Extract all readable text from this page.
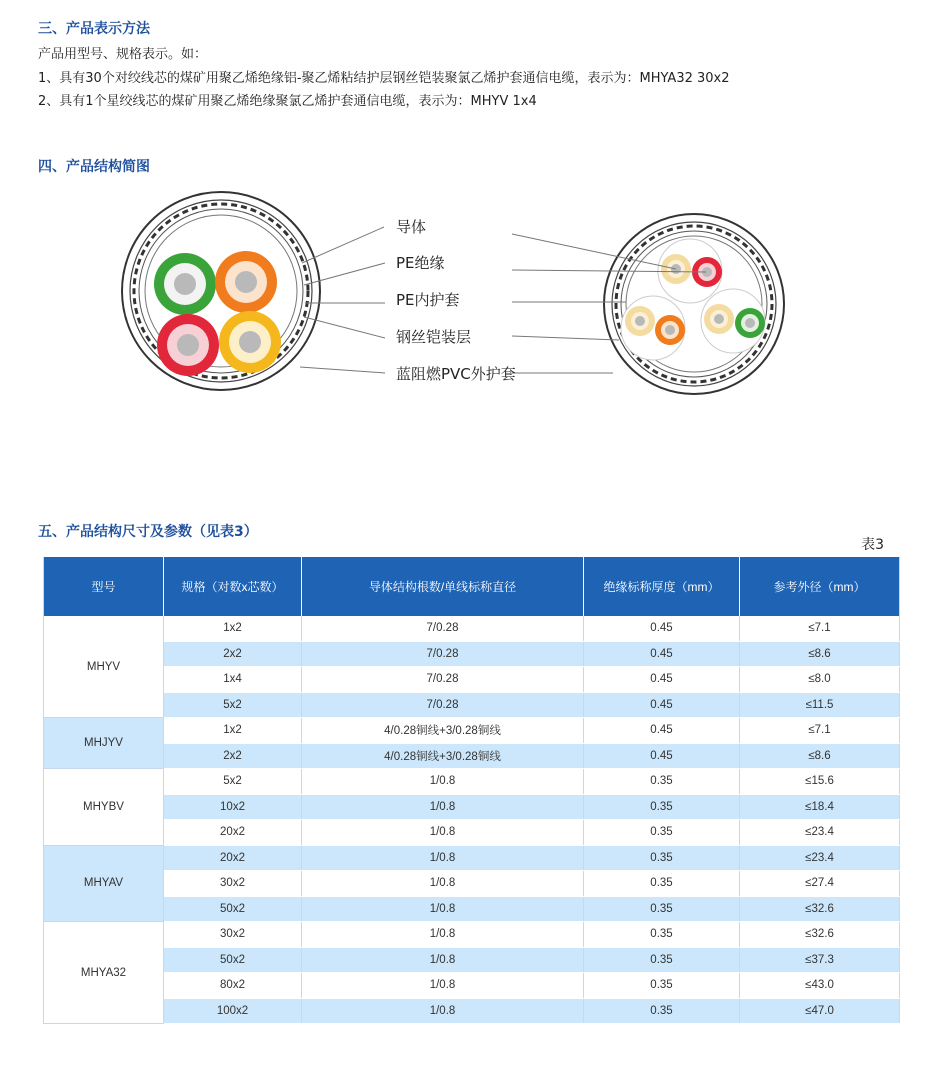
三、产品表示方法
产品用型号、规格表示。如：
1、具有30个对绞线芯的煤矿用聚乙烯绝缘铝-聚乙烯粘结护层钢丝铠装聚氯乙烯护套通信电缆，表示为：MHYA32 30x2
2、具有1个星绞线芯的煤矿用聚乙烯绝缘聚氯乙烯护套通信电缆，表示为：MHYV 1x4
四、产品结构简图
导体
PE绝缘
PE内护套
钢丝铠装层
蓝阻燃PVC外护套
五、产品结构尺寸及参数（见表3）
表3
型号	规格（对数x芯数）	导体结构根数/单线标称直径	绝缘标称厚度（mm）	参考外径（mm）
MHYV	1x2	7/0.28	0.45	≤7.1
	2x2	7/0.28	0.45	≤8.6
	1x4	7/0.28	0.45	≤8.0
	5x2	7/0.28	0.45	≤11.5
MHJYV	1x2	4/0.28铜线+3/0.28铜线	0.45	≤7.1
	2x2	4/0.28铜线+3/0.28铜线	0.45	≤8.6
MHYBV	5x2	1/0.8	0.35	≤15.6
	10x2	1/0.8	0.35	≤18.4
	20x2	1/0.8	0.35	≤23.4
MHYAV	20x2	1/0.8	0.35	≤23.4
	30x2	1/0.8	0.35	≤27.4
	50x2	1/0.8	0.35	≤32.6
MHYA32	30x2	1/0.8	0.35	≤32.6
	50x2	1/0.8	0.35	≤37.3
	80x2	1/0.8	0.35	≤43.0
	100x2	1/0.8	0.35	≤47.0
